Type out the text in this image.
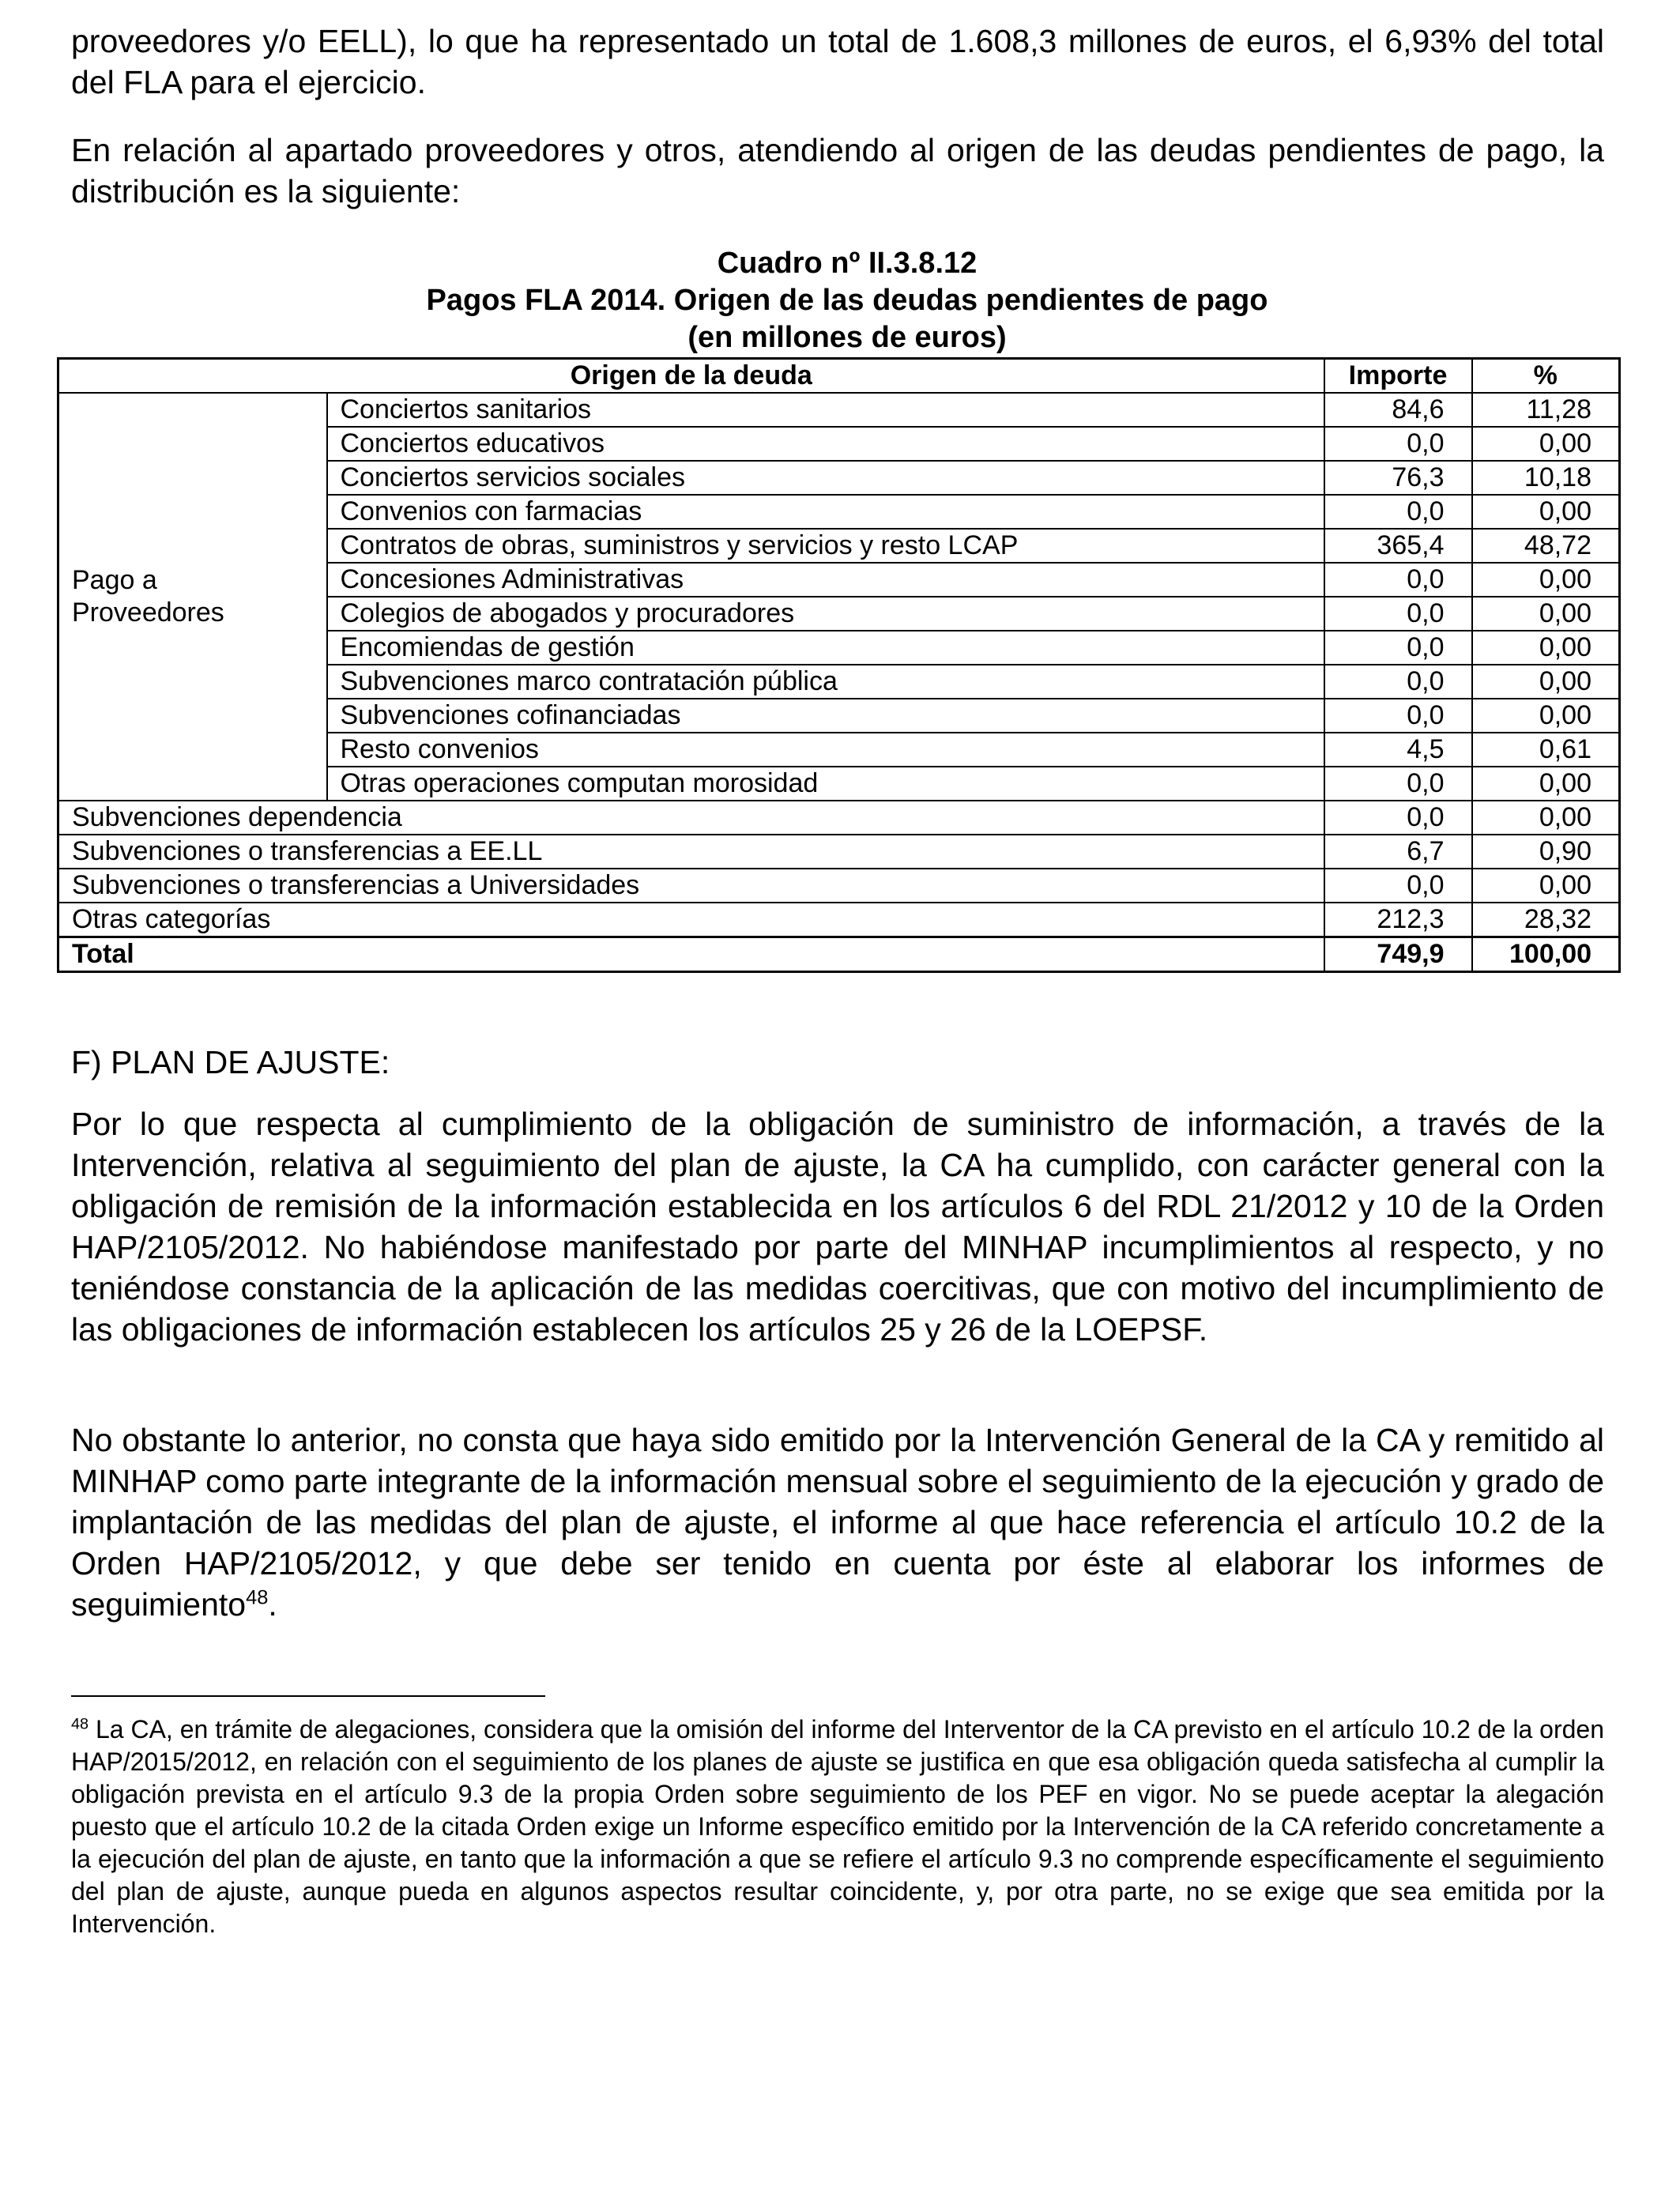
proveedores y/o EELL), lo que ha representado un total de 1.608,3 millones de euros, el 6,93% del total del FLA para el ejercicio.

En relación al apartado proveedores y otros, atendiendo al origen de las deudas pendientes de pago, la distribución es la siguiente:

Cuadro nº II.3.8.12

Pagos FLA 2014. Origen de las deudas pendientes de pago

(en millones de euros)

Origen de la deuda		Importe	%
Pago a Proveedores	Conciertos sanitarios	84,6	11,28
	Conciertos educativos	0,0	0,00
	Conciertos servicios sociales	76,3	10,18
	Convenios con farmacias	0,0	0,00
	Contratos de obras, suministros y servicios y resto LCAP	365,4	48,72
	Concesiones Administrativas	0,0	0,00
	Colegios de abogados y procuradores	0,0	0,00
	Encomiendas de gestión	0,0	0,00
	Subvenciones marco contratación pública	0,0	0,00
	Subvenciones cofinanciadas	0,0	0,00
	Resto convenios	4,5	0,61
	Otras operaciones computan morosidad	0,0	0,00
Subvenciones dependencia		0,0	0,00
Subvenciones o transferencias a EE.LL		6,7	0,90
Subvenciones o transferencias a Universidades		0,0	0,00
Otras categorías		212,3	28,32
Total		749,9	100,00

F) PLAN DE AJUSTE:

Por lo que respecta al cumplimiento de la obligación de suministro de información, a través de la Intervención, relativa al seguimiento del plan de ajuste, la CA ha cumplido, con carácter general con la obligación de remisión de la información establecida en los artículos 6 del RDL 21/2012 y 10 de la Orden HAP/2105/2012. No habiéndose manifestado por parte del MINHAP incumplimientos al respecto, y no teniéndose constancia de la aplicación de las medidas coercitivas, que con motivo del incumplimiento de las obligaciones de información establecen los artículos 25 y 26 de la LOEPSF.

No obstante lo anterior, no consta que haya sido emitido por la Intervención General de la CA y remitido al MINHAP como parte integrante de la información mensual sobre el seguimiento de la ejecución y grado de implantación de las medidas del plan de ajuste, el informe al que hace referencia el artículo 10.2 de la Orden HAP/2105/2012, y que debe ser tenido en cuenta por éste al elaborar los informes de seguimiento$^{48}$.

$^{48}$ La CA, en trámite de alegaciones, considera que la omisión del informe del Interventor de la CA previsto en el artículo 10.2 de la orden HAP/2015/2012, en relación con el seguimiento de los planes de ajuste se justifica en que esa obligación queda satisfecha al cumplir la obligación prevista en el artículo 9.3 de la propia Orden sobre seguimiento de los PEF en vigor. No se puede aceptar la alegación puesto que el artículo 10.2 de la citada Orden exige un Informe específico emitido por la Intervención de la CA referido concretamente a la ejecución del plan de ajuste, en tanto que la información a que se refiere el artículo 9.3 no comprende específicamente el seguimiento del plan de ajuste, aunque pueda en algunos aspectos resultar coincidente, y, por otra parte, no se exige que sea emitida por la Intervención.
